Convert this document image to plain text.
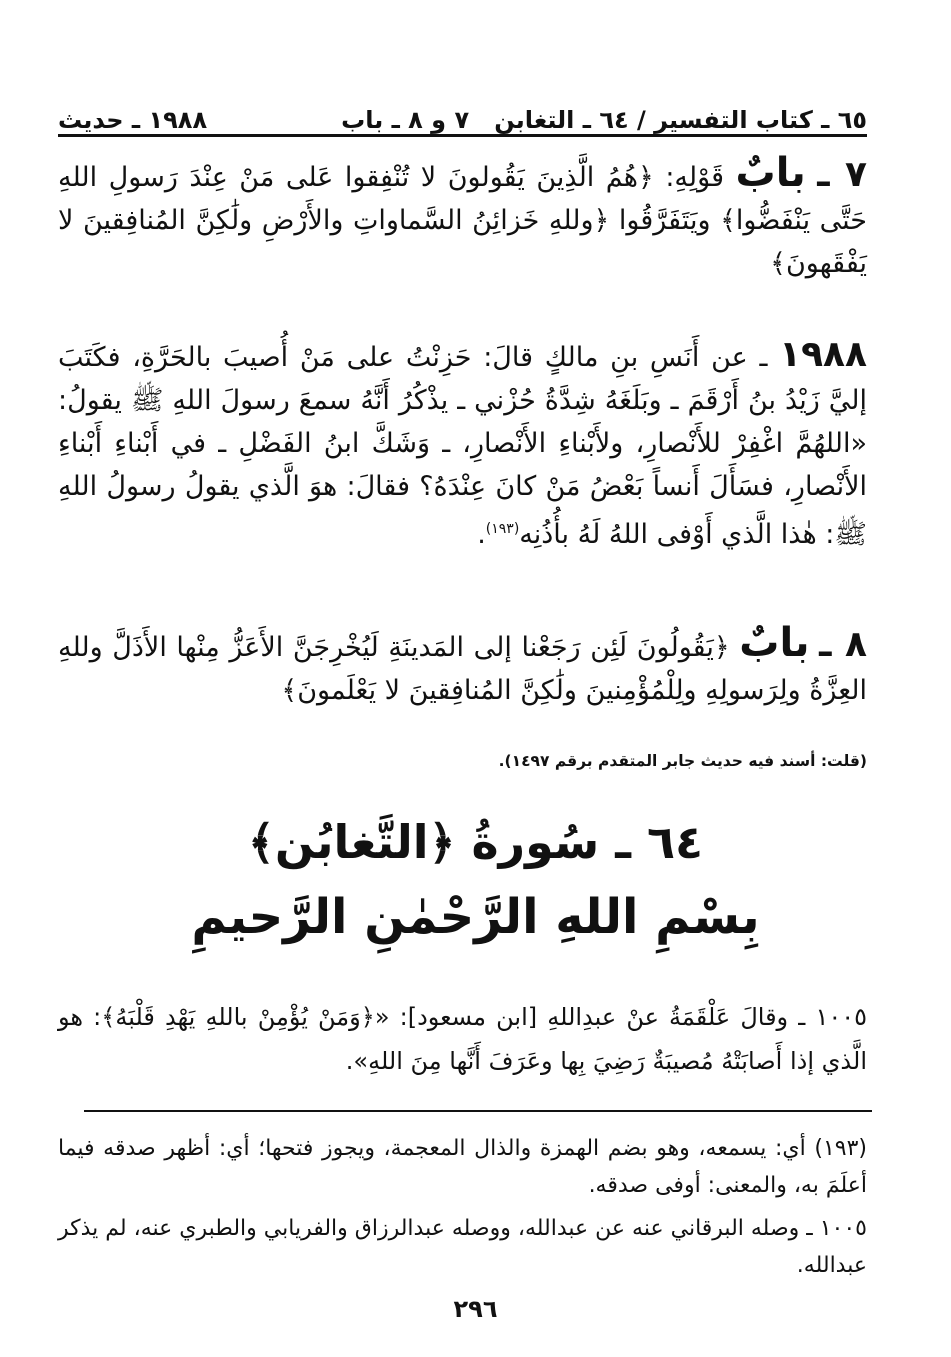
٦٥ ـ كتاب التفسير / ٦٤ ـ التغابن   ٧ و ٨ ـ باب
١٩٨٨ ـ حديث
٧ ـ بابٌ قَوْلِهِ: ﴿هُمُ الَّذِينَ يَقُولونَ لا تُنْفِقوا عَلى مَنْ عِنْدَ رَسولِ اللهِ حَتَّى يَنْفَضُّوا﴾ ويَتَفَرَّقُوا ﴿وللهِ خَزائِنُ السَّماواتِ والأَرْضِ ولَٰكِنَّ المُنافِقينَ لا يَفْقَهونَ﴾
١٩٨٨ ـ عن أَنَسِ بنِ مالكٍ قالَ: حَزِنْتُ على مَنْ أُصيبَ بالحَرَّةِ، فكَتَبَ إليَّ زَيْدُ بنُ أَرْقَمَ ـ وبَلَغَهُ شِدَّةُ حُزْني ـ يذْكُرُ أَنَّهُ سمعَ رسولَ اللهِ ﷺ يقولُ: «اللهُمَّ اغْفِرْ للأَنْصارِ، ولأَبْناءِ الأَنْصارِ، ـ وَشَكَّ ابنُ الفَضْلِ ـ في أَبْناءِ أَبْناءِ الأَنْصارِ، فسَأَلَ أَنساً بَعْضُ مَنْ كانَ عِنْدَهُ؟ فقالَ: هوَ الَّذي يقولُ رسولُ اللهِ ﷺ: هٰذا الَّذي أَوْفى اللهُ لَهُ بأُذُنِه$^{(١٩٣)}$.
٨ ـ بابٌ ﴿يَقُولُونَ لَئِن رَجَعْنا إلى المَدينَةِ لَيُخْرِجَنَّ الأَعَزُّ مِنْها الأَذَلَّ وللهِ العِزَّةُ ولِرَسولِهِ ولِلْمُؤْمِنينَ ولَٰكِنَّ المُنافِقينَ لا يَعْلَمونَ﴾
(قلت: أسند فيه حديث جابر المتقدم برقم ١٤٩٧).
٦٤ ـ سُورةُ ﴿التَّغابُن﴾
بِسْمِ اللهِ الرَّحْمٰنِ الرَّحيمِ
١٠٠٥ ـ وقالَ عَلْقَمَةُ عنْ عبدِاللهِ [ابن مسعود]: «﴿وَمَنْ يُؤْمِنْ باللهِ يَهْدِ قَلْبَهُ﴾: هو الَّذي إذا أَصابَتْهُ مُصيبَةٌ رَضِيَ بِها وعَرَفَ أَنَّها مِنَ اللهِ».
(١٩٣) أي: يسمعه، وهو بضم الهمزة والذال المعجمة، ويجوز فتحها؛ أي: أظهر صدقه فيما أعلَمَ به، والمعنى: أوفى صدقه.
١٠٠٥ ـ وصله البرقاني عنه عن عبدالله، ووصله عبدالرزاق والفريابي والطبري عنه، لم يذكر عبدالله.
٢٩٦
